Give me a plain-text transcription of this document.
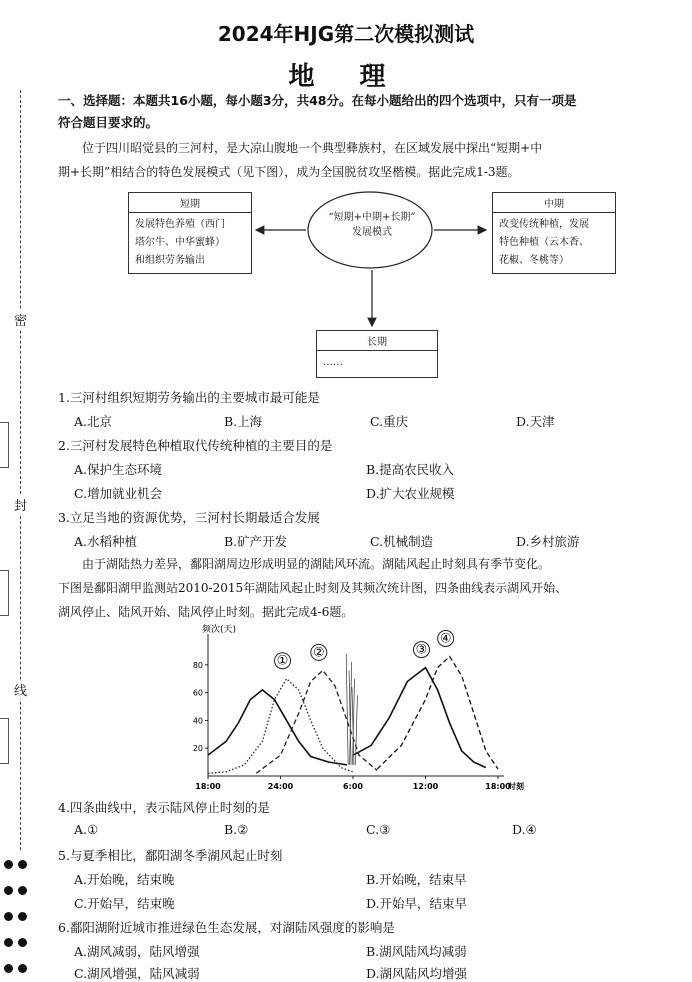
2024年HJG第二次模拟测试
地 理
密
封
线
一、选择题：本题共16小题，每小题3分，共48分。在每小题给出的四个选项中，只有一项是
符合题目要求的。
位于四川昭觉县的三河村，是大凉山腹地一个典型彝族村，在区域发展中探出“短期+中
期+长期”相结合的特色发展模式（见下图），成为全国脱贫攻坚楷模。据此完成1-3题。
“短期+中期+长期”
发展模式
短期
发展特色养殖（西门
塔尔牛、中华蜜蜂）
和组织劳务输出
中期
改变传统种植，发展
特色种植（云木香、
花椒、冬桃等）
长期
……
1.三河村组织短期劳务输出的主要城市最可能是
A.北京	B.上海	C.重庆	D.天津
2.三河村发展特色种植取代传统种植的主要目的是
A.保护生态环境	B.提高农民收入
C.增加就业机会	D.扩大农业规模
3.立足当地的资源优势，三河村长期最适合发展
A.水稻种植	B.矿产开发	C.机械制造	D.乡村旅游
由于湖陆热力差异，鄱阳湖周边形成明显的湖陆风环流。湖陆风起止时刻具有季节变化。
下图是鄱阳湖甲监测站2010-2015年湖陆风起止时刻及其频次统计图，四条曲线表示湖风开始、
湖风停止、陆风开始、陆风停止时刻。据此完成4-6题。
频次(天)
20
40
60
80
18:00	24:00	6:00	12:00	18:00
时刻
①
②	③
④
4.四条曲线中，表示陆风停止时刻的是
A.①	B.②	C.③	D.④
5.与夏季相比，鄱阳湖冬季湖风起止时刻
A.开始晚，结束晚	B.开始晚，结束早
C.开始早，结束晚	D.开始早，结束早
6.鄱阳湖附近城市推进绿色生态发展，对湖陆风强度的影响是
A.湖风减弱，陆风增强	B.湖风陆风均减弱
C.湖风增强，陆风减弱	D.湖风陆风均增强
